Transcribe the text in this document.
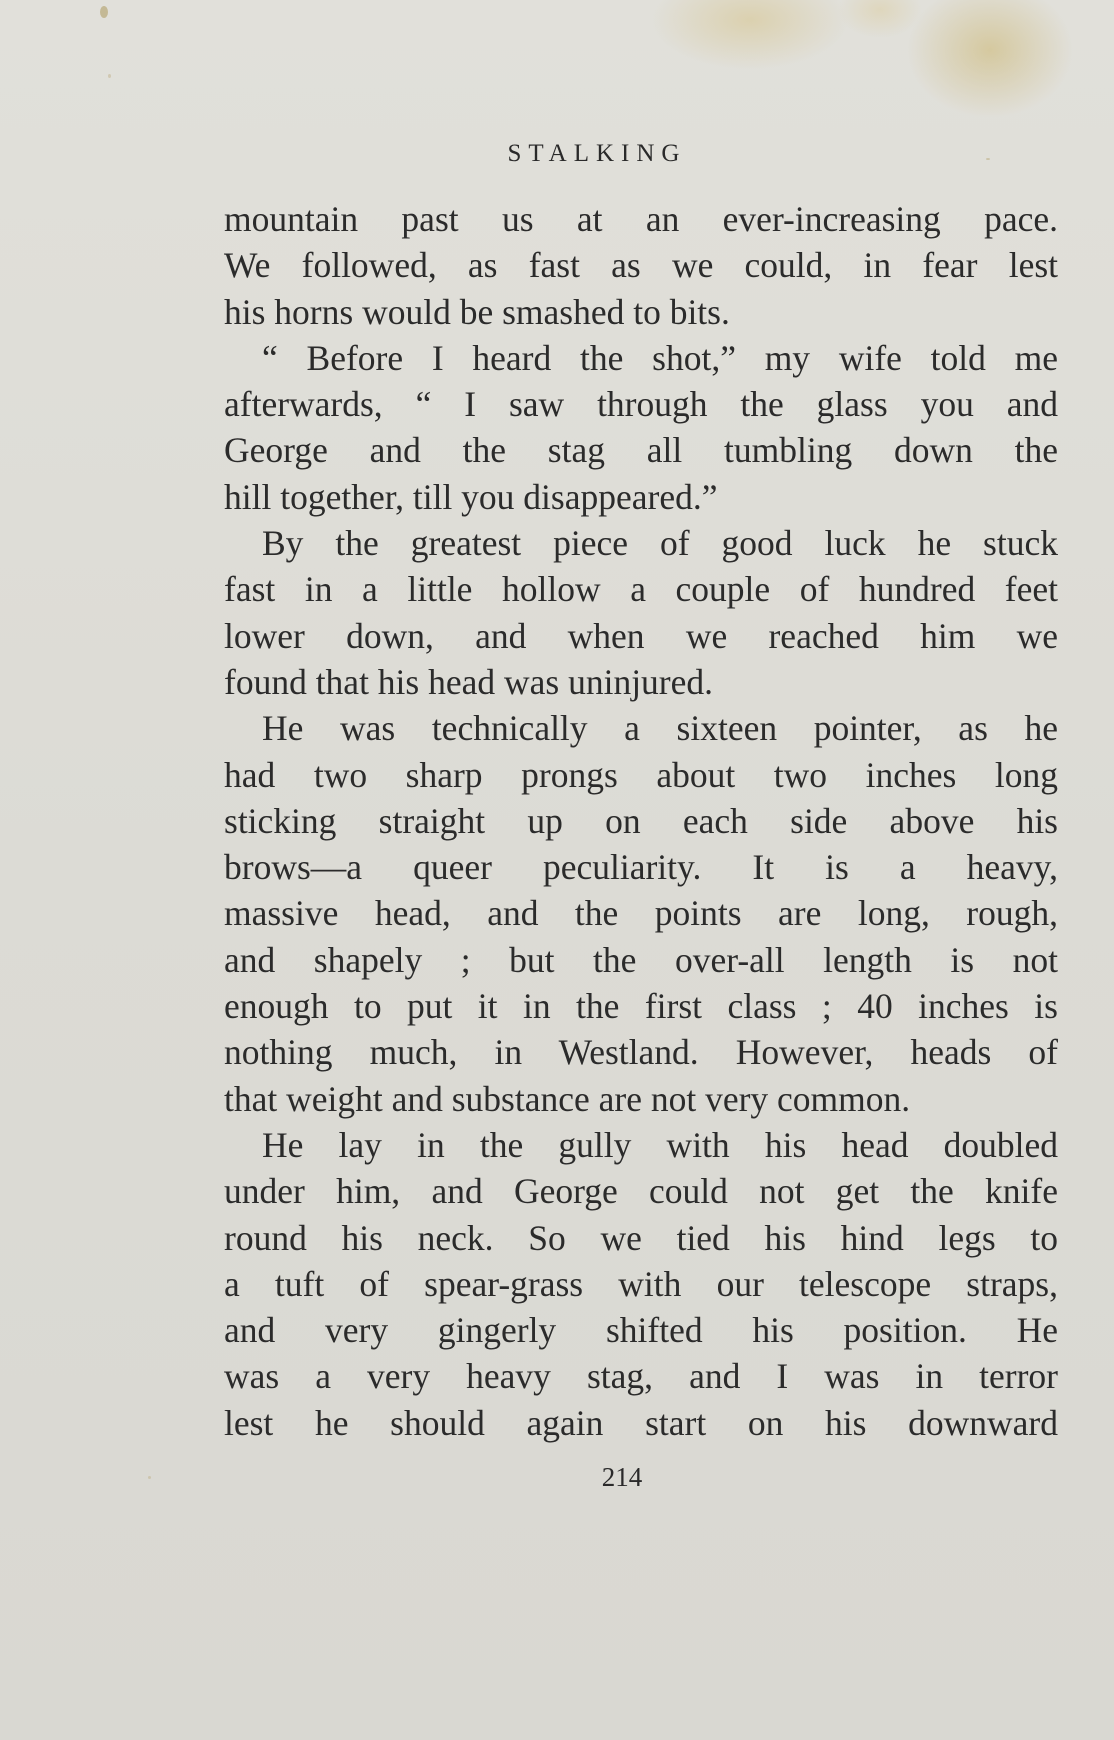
STALKING
mountain past us at an ever-increasing pace.
We followed, as fast as we could, in fear lest
his horns would be smashed to bits.
“ Before I heard the shot,” my wife told me
afterwards, “ I saw through the glass you and
George and the stag all tumbling down the
hill together, till you disappeared.”
By the greatest piece of good luck he stuck
fast in a little hollow a couple of hundred feet
lower down, and when we reached him we
found that his head was uninjured.
He was technically a sixteen pointer, as he
had two sharp prongs about two inches long
sticking straight up on each side above his
brows—a queer peculiarity. It is a heavy,
massive head, and the points are long, rough,
and shapely ; but the over-all length is not
enough to put it in the first class ; 40 inches is
nothing much, in Westland. However, heads of
that weight and substance are not very common.
He lay in the gully with his head doubled
under him, and George could not get the knife
round his neck. So we tied his hind legs to
a tuft of spear-grass with our telescope straps,
and very gingerly shifted his position. He
was a very heavy stag, and I was in terror
lest he should again start on his downward
214
